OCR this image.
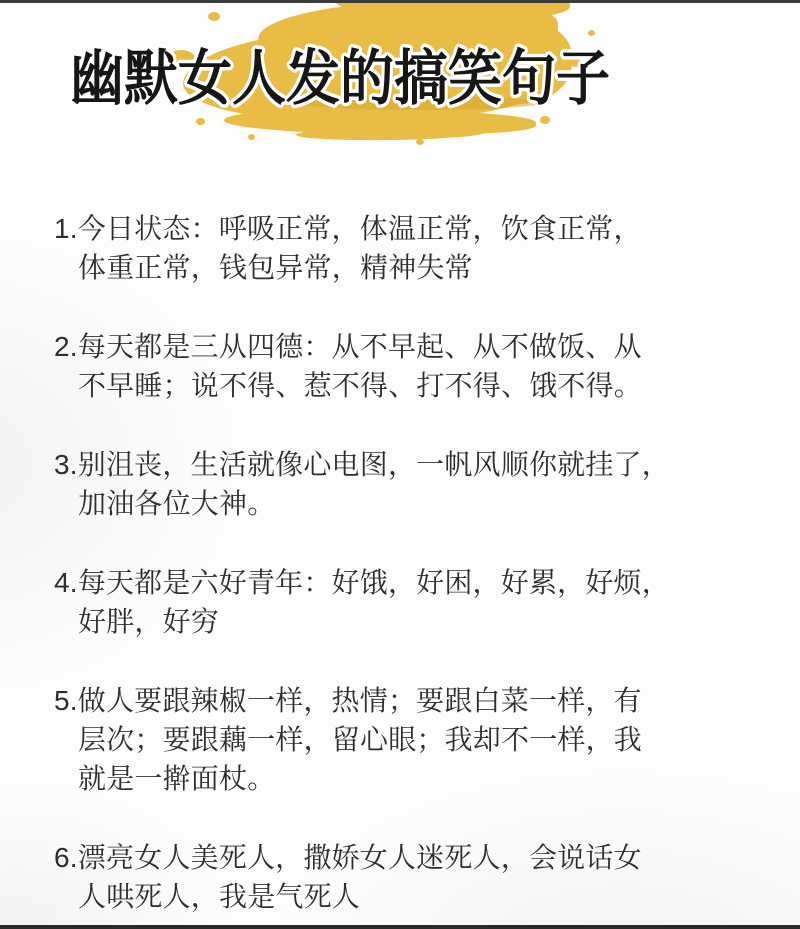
幽默女人发的搞笑句子
1.今日状态：呼吸正常，体温正常，饮食正常，
体重正常，钱包异常，精神失常
2.每天都是三从四德：从不早起、从不做饭、从
不早睡；说不得、惹不得、打不得、饿不得。
3.别沮丧，生活就像心电图，一帆风顺你就挂了，
加油各位大神。
4.每天都是六好青年：好饿，好困，好累，好烦，
好胖，好穷
5.做人要跟辣椒一样，热情；要跟白菜一样，有
层次；要跟藕一样，留心眼；我却不一样，我
就是一擀面杖。
6.漂亮女人美死人，撒娇女人迷死人，会说话女
人哄死人，我是气死人
